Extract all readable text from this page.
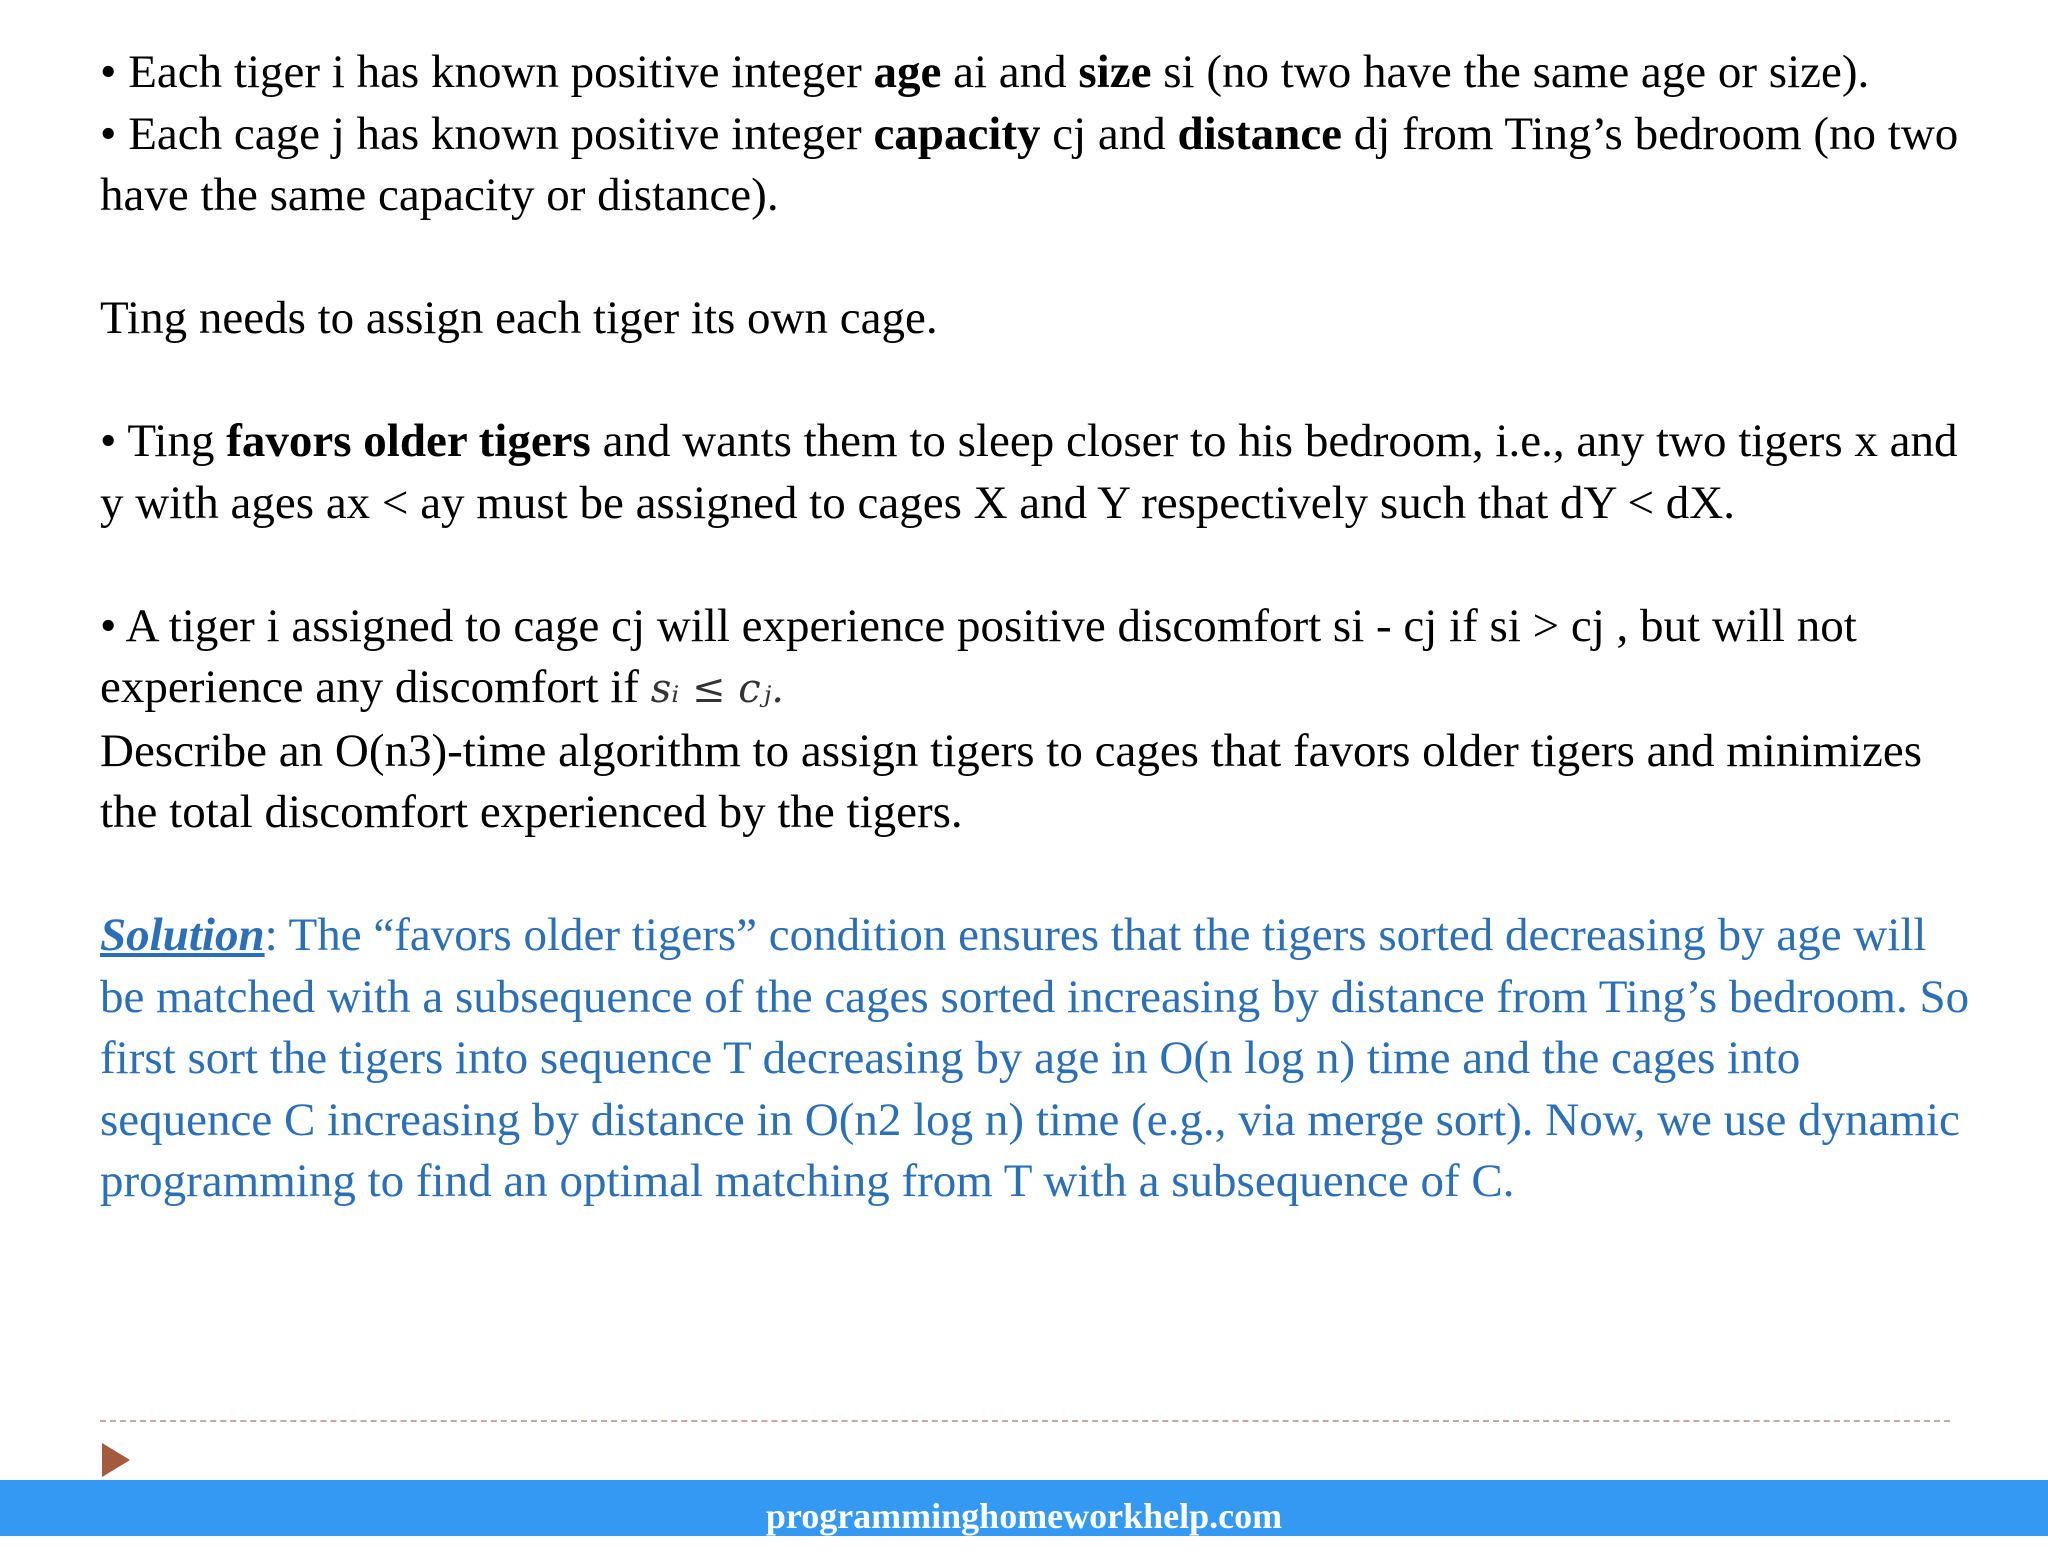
• Each tiger i has known positive integer age ai and size si (no two have the same age or size).

• Each cage j has known positive integer capacity cj and distance dj from Ting’s bedroom (no two have the same capacity or distance).

Ting needs to assign each tiger its own cage.

• Ting favors older tigers and wants them to sleep closer to his bedroom, i.e., any two tigers x and y with ages ax < ay must be assigned to cages X and Y respectively such that dY < dX.

• A tiger i assigned to cage cj will experience positive discomfort si - cj if si > cj , but will not experience any discomfort if sᵢ ≤ cⱼ.

Describe an O(n3)-time algorithm to assign tigers to cages that favors older tigers and minimizes the total discomfort experienced by the tigers.

Solution: The “favors older tigers” condition ensures that the tigers sorted decreasing by age will be matched with a subsequence of the cages sorted increasing by distance from Ting’s bedroom. So first sort the tigers into sequence T decreasing by age in O(n log n) time and the cages into sequence C increasing by distance in O(n2 log n) time (e.g., via merge sort). Now, we use dynamic programming to find an optimal matching from T with a subsequence of C.

programminghomeworkhelp.com
